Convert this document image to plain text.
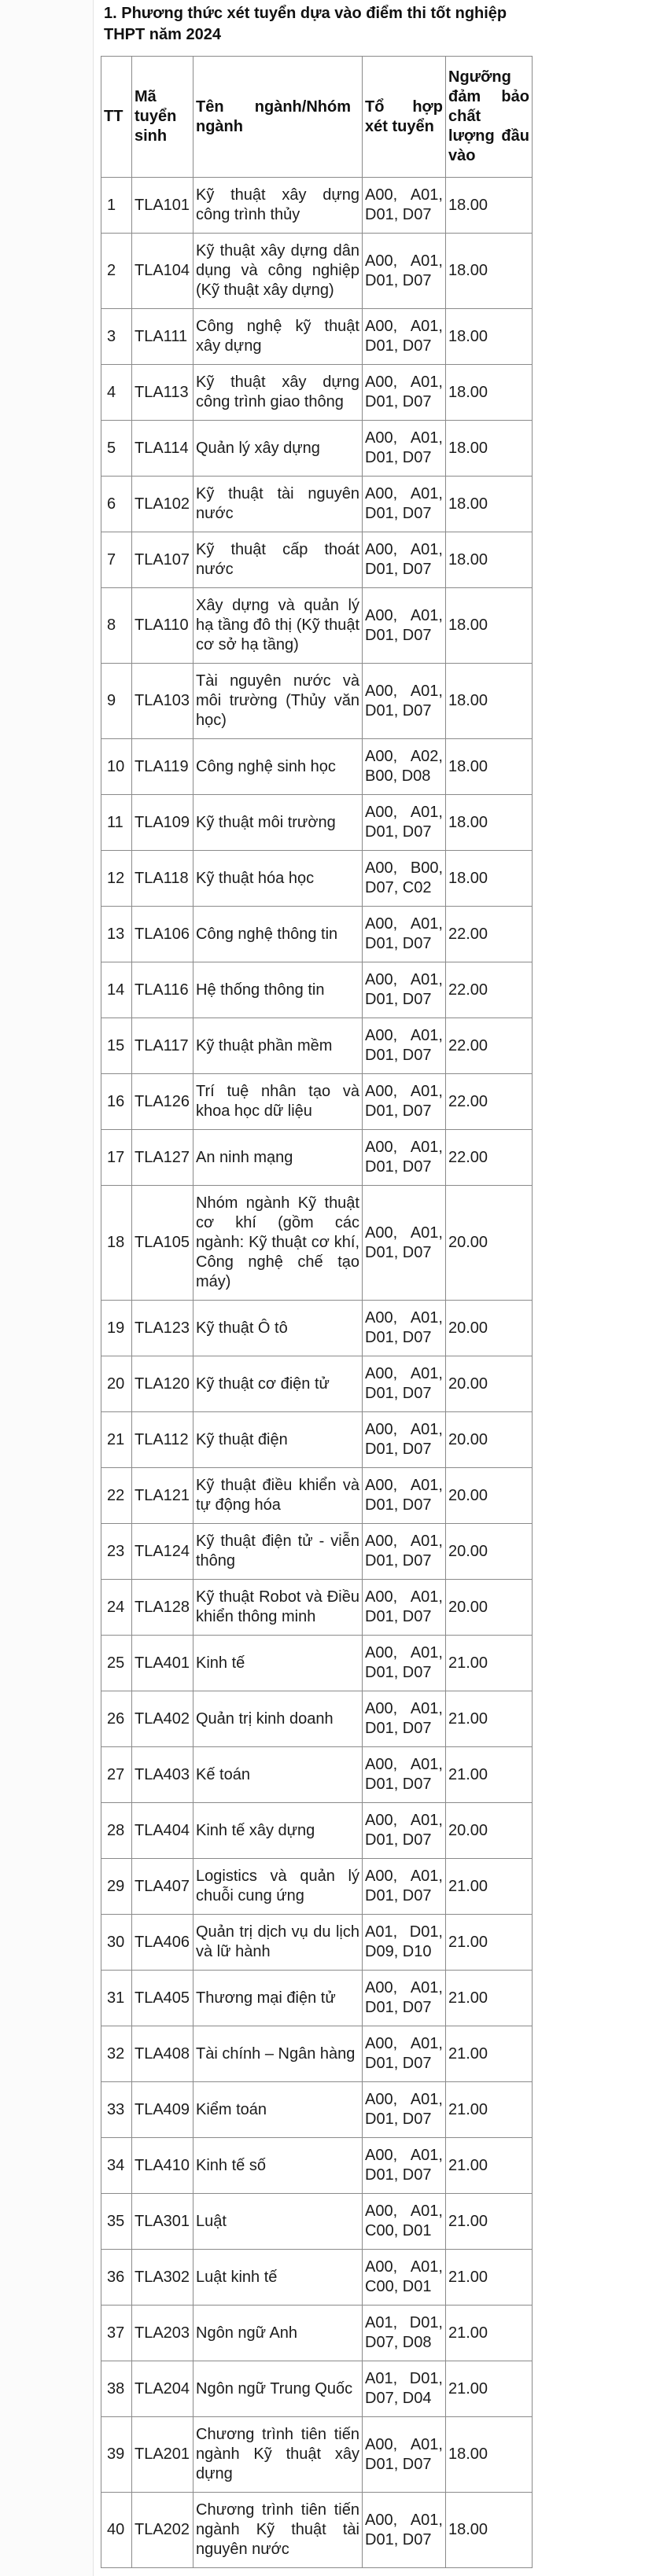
1. Phương thức xét tuyển dựa vào điểm thi tốt nghiệp THPT năm 2024
TT	Mã tuyển sinh	Tên ngành/Nhóm ngành	Tổ hợp xét tuyển	Ngưỡng đảm bảo chất lượng đầu vào
1	TLA101	Kỹ thuật xây dựng công trình thủy	A00, A01, D01, D07	18.00
2	TLA104	Kỹ thuật xây dựng dân dụng và công nghiệp (Kỹ thuật xây dựng)	A00, A01, D01, D07	18.00
3	TLA111	Công nghệ kỹ thuật xây dựng	A00, A01, D01, D07	18.00
4	TLA113	Kỹ thuật xây dựng công trình giao thông	A00, A01, D01, D07	18.00
5	TLA114	Quản lý xây dựng	A00, A01, D01, D07	18.00
6	TLA102	Kỹ thuật tài nguyên nước	A00, A01, D01, D07	18.00
7	TLA107	Kỹ thuật cấp thoát nước	A00, A01, D01, D07	18.00
8	TLA110	Xây dựng và quản lý hạ tầng đô thị (Kỹ thuật cơ sở hạ tầng)	A00, A01, D01, D07	18.00
9	TLA103	Tài nguyên nước và môi trường (Thủy văn học)	A00, A01, D01, D07	18.00
10	TLA119	Công nghệ sinh học	A00, A02, B00, D08	18.00
11	TLA109	Kỹ thuật môi trường	A00, A01, D01, D07	18.00
12	TLA118	Kỹ thuật hóa học	A00, B00, D07, C02	18.00
13	TLA106	Công nghệ thông tin	A00, A01, D01, D07	22.00
14	TLA116	Hệ thống thông tin	A00, A01, D01, D07	22.00
15	TLA117	Kỹ thuật phần mềm	A00, A01, D01, D07	22.00
16	TLA126	Trí tuệ nhân tạo và khoa học dữ liệu	A00, A01, D01, D07	22.00
17	TLA127	An ninh mạng	A00, A01, D01, D07	22.00
18	TLA105	Nhóm ngành Kỹ thuật cơ khí (gồm các ngành: Kỹ thuật cơ khí, Công nghệ chế tạo máy)	A00, A01, D01, D07	20.00
19	TLA123	Kỹ thuật Ô tô	A00, A01, D01, D07	20.00
20	TLA120	Kỹ thuật cơ điện tử	A00, A01, D01, D07	20.00
21	TLA112	Kỹ thuật điện	A00, A01, D01, D07	20.00
22	TLA121	Kỹ thuật điều khiển và tự động hóa	A00, A01, D01, D07	20.00
23	TLA124	Kỹ thuật điện tử - viễn thông	A00, A01, D01, D07	20.00
24	TLA128	Kỹ thuật Robot và Điều khiển thông minh	A00, A01, D01, D07	20.00
25	TLA401	Kinh tế	A00, A01, D01, D07	21.00
26	TLA402	Quản trị kinh doanh	A00, A01, D01, D07	21.00
27	TLA403	Kế toán	A00, A01, D01, D07	21.00
28	TLA404	Kinh tế xây dựng	A00, A01, D01, D07	20.00
29	TLA407	Logistics và quản lý chuỗi cung ứng	A00, A01, D01, D07	21.00
30	TLA406	Quản trị dịch vụ du lịch và lữ hành	A01, D01, D09, D10	21.00
31	TLA405	Thương mại điện tử	A00, A01, D01, D07	21.00
32	TLA408	Tài chính – Ngân hàng	A00, A01, D01, D07	21.00
33	TLA409	Kiểm toán	A00, A01, D01, D07	21.00
34	TLA410	Kinh tế số	A00, A01, D01, D07	21.00
35	TLA301	Luật	A00, A01, C00, D01	21.00
36	TLA302	Luật kinh tế	A00, A01, C00, D01	21.00
37	TLA203	Ngôn ngữ Anh	A01, D01, D07, D08	21.00
38	TLA204	Ngôn ngữ Trung Quốc	A01, D01, D07, D04	21.00
39	TLA201	Chương trình tiên tiến ngành Kỹ thuật xây dựng	A00, A01, D01, D07	18.00
40	TLA202	Chương trình tiên tiến ngành Kỹ thuật tài nguyên nước	A00, A01, D01, D07	18.00
